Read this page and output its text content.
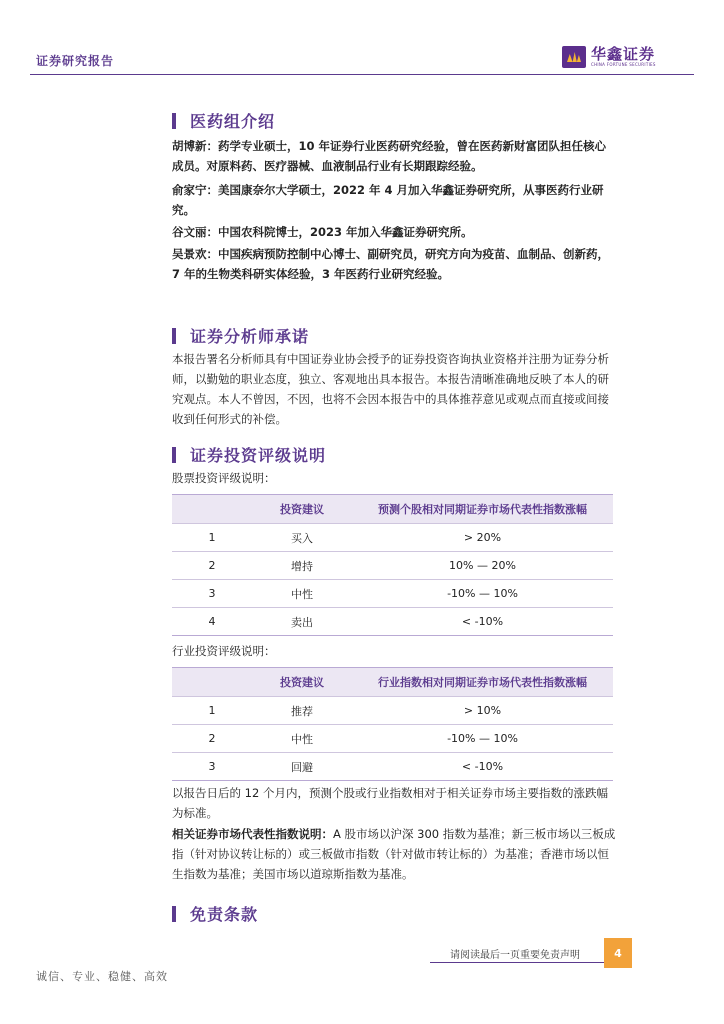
证券研究报告	华鑫证券
CHINA FORTUNE SECURITIES
医药组介绍
胡博新：药学专业硕士，10 年证券行业医药研究经验，曾在医药新财富团队担任核心成员。对原料药、医疗器械、血液制品行业有长期跟踪经验。
俞家宁：美国康奈尔大学硕士，2022 年 4 月加入华鑫证券研究所，从事医药行业研究。
谷文丽：中国农科院博士，2023 年加入华鑫证券研究所。
吴景欢：中国疾病预防控制中心博士、副研究员，研究方向为疫苗、血制品、创新药，7 年的生物类科研实体经验，3 年医药行业研究经验。
证券分析师承诺
本报告署名分析师具有中国证券业协会授予的证券投资咨询执业资格并注册为证券分析师，以勤勉的职业态度，独立、客观地出具本报告。本报告清晰准确地反映了本人的研究观点。本人不曾因，不因，也将不会因本报告中的具体推荐意见或观点而直接或间接收到任何形式的补偿。
证券投资评级说明
股票投资评级说明：
	投资建议	预测个股相对同期证券市场代表性指数涨幅
1	买入	> 20%
2	增持	10% — 20%
3	中性	-10% — 10%
4	卖出	< -10%
行业投资评级说明：
	投资建议	行业指数相对同期证券市场代表性指数涨幅
1	推荐	> 10%
2	中性	-10% — 10%
3	回避	< -10%
以报告日后的 12 个月内，预测个股或行业指数相对于相关证券市场主要指数的涨跌幅为标准。
相关证券市场代表性指数说明：A 股市场以沪深 300 指数为基准；新三板市场以三板成指（针对协议转让标的）或三板做市指数（针对做市转让标的）为基准；香港市场以恒生指数为基准；美国市场以道琼斯指数为基准。
免责条款
请阅读最后一页重要免责声明	4
诚信、专业、稳健、高效
